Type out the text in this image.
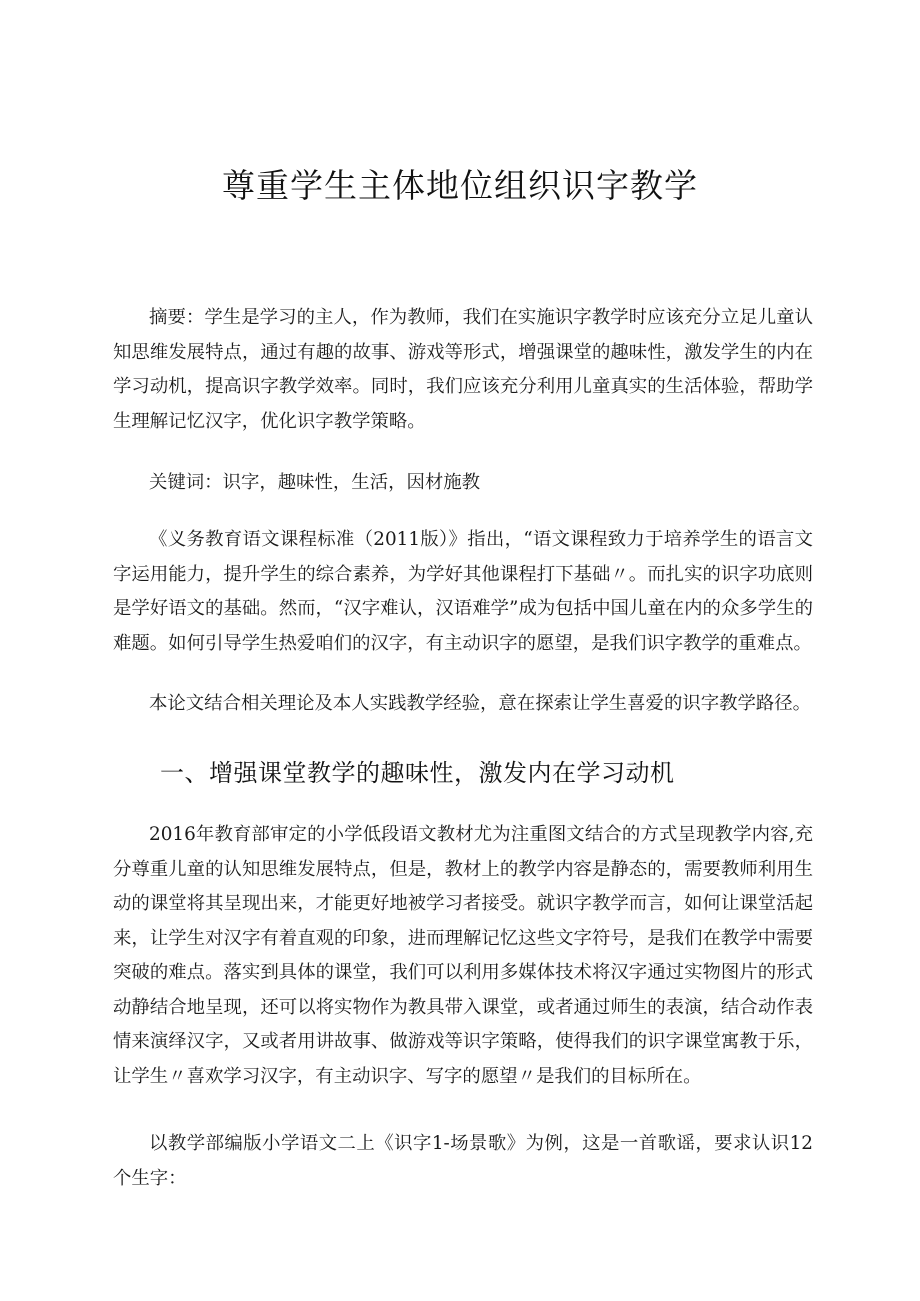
尊重学生主体地位组织识字教学

摘要：学生是学习的主人，作为教师，我们在实施识字教学时应该充分立足儿童认知思维发展特点，通过有趣的故事、游戏等形式，增强课堂的趣味性，激发学生的内在学习动机，提高识字教学效率。同时，我们应该充分利用儿童真实的生活体验，帮助学生理解记忆汉字，优化识字教学策略。

关键词：识字，趣味性，生活，因材施教

《义务教育语文课程标准（2011版）》指出，“语文课程致力于培养学生的语言文字运用能力，提升学生的综合素养，为学好其他课程打下基础〃。而扎实的识字功底则是学好语文的基础。然而，“汉字难认，汉语难学”成为包括中国儿童在内的众多学生的难题。如何引导学生热爱咱们的汉字，有主动识字的愿望，是我们识字教学的重难点。

本论文结合相关理论及本人实践教学经验，意在探索让学生喜爱的识字教学路径。

一、增强课堂教学的趣味性，激发内在学习动机

2016年教育部审定的小学低段语文教材尤为注重图文结合的方式呈现教学内容,充分尊重儿童的认知思维发展特点，但是，教材上的教学内容是静态的，需要教师利用生动的课堂将其呈现出来，才能更好地被学习者接受。就识字教学而言，如何让课堂活起来，让学生对汉字有着直观的印象，进而理解记忆这些文字符号，是我们在教学中需要突破的难点。落实到具体的课堂，我们可以利用多媒体技术将汉字通过实物图片的形式动静结合地呈现，还可以将实物作为教具带入课堂，或者通过师生的表演，结合动作表情来演绎汉字，又或者用讲故事、做游戏等识字策略，使得我们的识字课堂寓教于乐，让学生〃喜欢学习汉字，有主动识字、写字的愿望〃是我们的目标所在。

以教学部编版小学语文二上《识字1-场景歌》为例，这是一首歌谣，要求认识12个生字：
